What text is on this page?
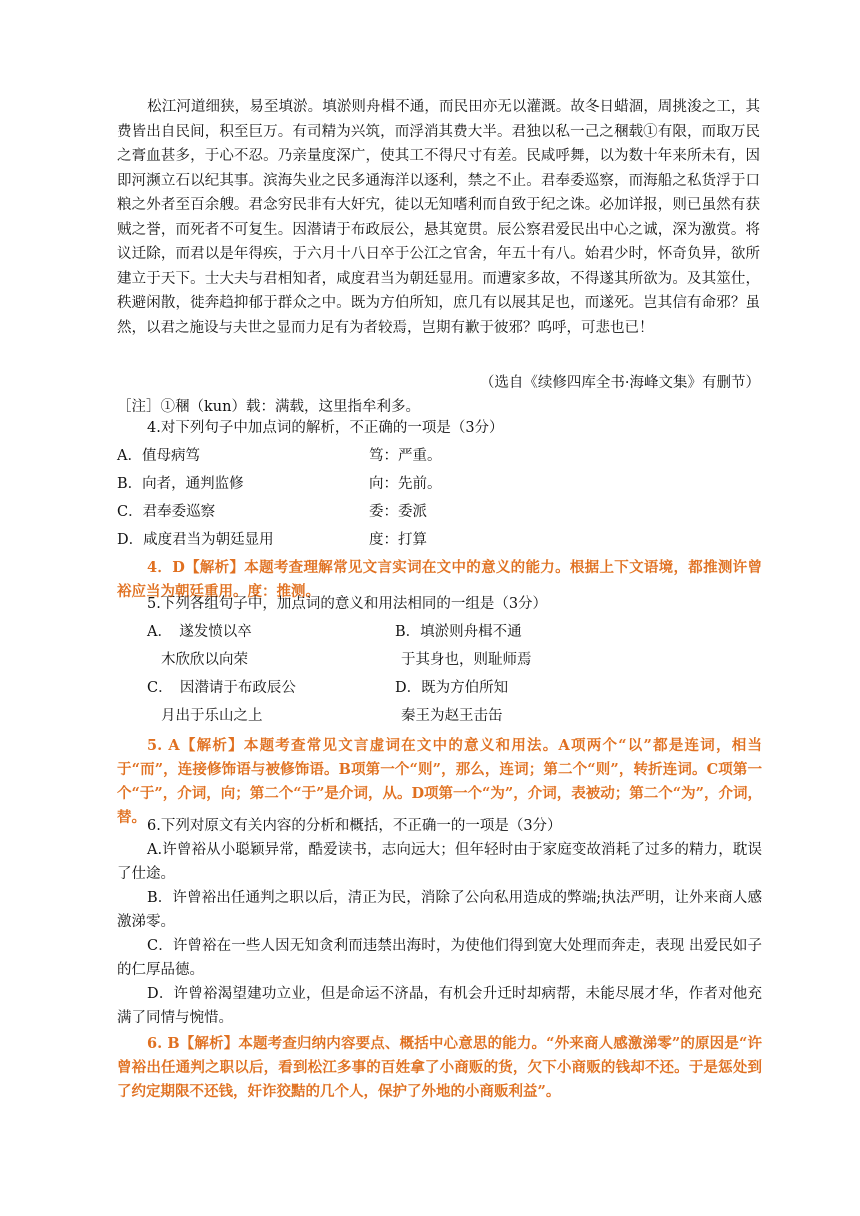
松江河道细狭，易至填淤。填淤则舟楫不通，而民田亦无以灌溉。故冬日蜡涸，周挑浚之工，其费皆出自民间，积至巨万。有司精为兴筑，而浮消其费大半。君独以私一己之稛载①有限，而取万民之膏血甚多，于心不忍。乃亲量度深广，使其工不得尺寸有差。民咸呼舞，以为数十年来所未有，因即河濒立石以纪其事。滨海失业之民多通海洋以逐利，禁之不止。君奉委巡察，而海船之私货浮于口粮之外者至百余艘。君念穷民非有大奸宄，徒以无知嗜利而自致于纪之诛。必加详报，则已虽然有获贼之誉，而死者不可复生。因潜请于布政辰公，悬其宽贯。辰公察君爱民出中心之诚，深为激赏。将议迁除，而君以是年得疾，于六月十八日卒于公江之官舍，年五十有八。始君少时，怀奇负异，欲所建立于天下。士大夫与君相知者，咸度君当为朝廷显用。而遭家多故，不得遂其所欲为。及其筮仕，秩避闲散，徙奔趋抑郁于群众之中。既为方伯所知，庶几有以展其足也，而遂死。岂其信有命邪？虽然，以君之施设与夫世之显而力足有为者较焉，岂期有歉于彼邪？呜呼，可悲也已！
（选自《续修四库全书·海峰文集》有删节）
［注］①稛（kun）载：满载，这里指牟利多。
4.对下列句子中加点词的解析，不正确的一项是（3分）
A．值母病笃	笃：严重。
B．向者，通判监修	向：先前。
C．君奉委巡察	委：委派
D．咸度君当为朝廷显用	度：打算
4．D【解析】本题考查理解常见文言实词在文中的意义的能力。根据上下文语境，都推测许曾裕应当为朝廷重用。度：推测。
5.下列各组句子中，加点词的意义和用法相同的一组是（3分）
A．　遂发愤以卒	B．填淤则舟楫不通
木欣欣以向荣	于其身也，则耻师焉
C．　因潜请于布政辰公	D．既为方伯所知
月出于乐山之上	秦王为赵王击缶
5. A【解析】本题考查常见文言虚词在文中的意义和用法。A项两个“以”都是连词，相当于“而”，连接修饰语与被修饰语。B项第一个“则”，那么，连词；第二个“则”，转折连词。C项第一个“于”，介词，向；第二个“于”是介词，从。D项第一个“为”，介词，表被动；第二个“为”，介词，替。 6.下列对原文有关内容的分析和概括，不正确一的一项是（3分）
A.许曾裕从小聪颖异常，酷爱读书，志向远大；但年轻时由于家庭变故消耗了过多的精力，耽误了仕途。
B．许曾裕出任通判之职以后，清正为民，消除了公向私用造成的弊端;执法严明，让外来商人感激涕零。
C．许曾裕在一些人因无知贪利而违禁出海时，为使他们得到宽大处理而奔走，表现 出爱民如子的仁厚品德。
D．许曾裕渴望建功立业，但是命运不济晶，有机会升迁时却病帮，未能尽展才华，作者对他充满了同情与惋惜。
6. B【解析】本题考查归纳内容要点、概括中心意思的能力。“外来商人感激涕零”的原因是“许曾裕出任通判之职以后，看到松江多事的百姓拿了小商贩的货，欠下小商贩的钱却不还。于是惩处到了约定期限不还钱，奸诈狡黠的几个人，保护了外地的小商贩利益”。
